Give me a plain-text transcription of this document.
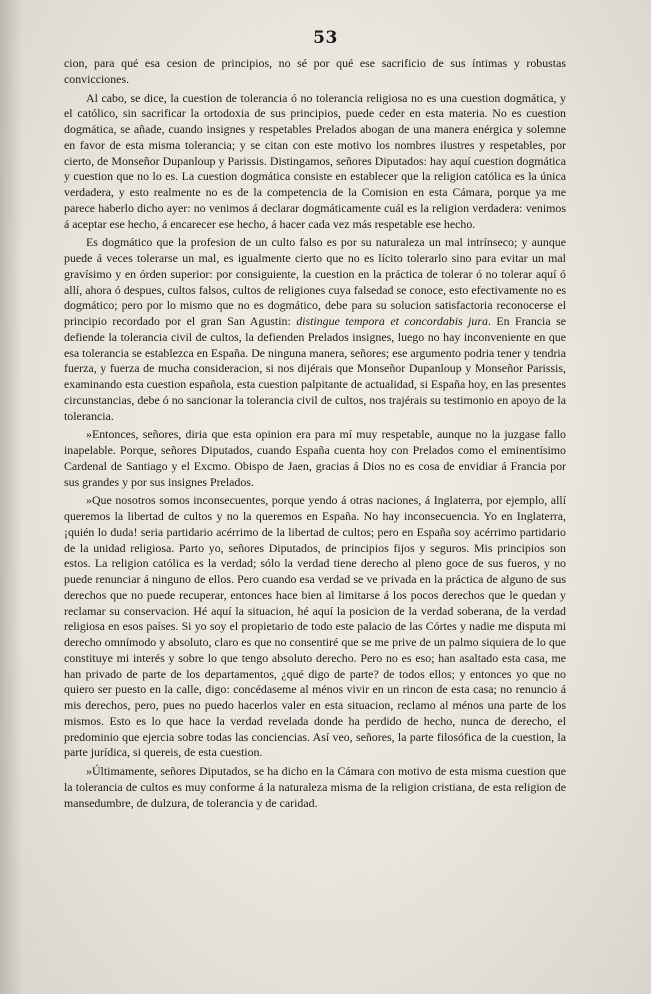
53

cion, para qué esa cesion de principios, no sé por qué ese sacrificio de sus íntimas y robustas convicciones.

Al cabo, se dice, la cuestion de tolerancia ó no tolerancia religiosa no es una cuestion dogmática, y el católico, sin sacrificar la ortodoxia de sus principios, puede ceder en esta materia. No es cuestion dogmática, se añade, cuando insignes y respetables Prelados abogan de una manera enérgica y solemne en favor de esta misma tolerancia; y se citan con este motivo los nombres ilustres y respetables, por cierto, de Monseñor Dupanloup y Parissis. Distingamos, señores Diputados: hay aquí cuestion dogmática y cuestion que no lo es. La cuestion dogmática consiste en establecer que la religion católica es la única verdadera, y esto realmente no es de la competencia de la Comision en esta Cámara, porque ya me parece haberlo dicho ayer: no venimos á declarar dogmáticamente cuál es la religion verdadera: venimos á aceptar ese hecho, á encarecer ese hecho, á hacer cada vez más respetable ese hecho.

Es dogmático que la profesion de un culto falso es por su naturaleza un mal intrínseco; y aunque puede á veces tolerarse un mal, es igualmente cierto que no es lícito tolerarlo sino para evitar un mal gravísimo y en órden superior: por consiguiente, la cuestion en la práctica de tolerar ó no tolerar aquí ó allí, ahora ó despues, cultos falsos, cultos de religiones cuya falsedad se conoce, esto efectivamente no es dogmático; pero por lo mismo que no es dogmático, debe para su solucion satisfactoria reconocerse el principio recordado por el gran San Agustin: distingue tempora et concordabis jura. En Francia se defiende la tolerancia civil de cultos, la defienden Prelados insignes, luego no hay inconveniente en que esa tolerancia se establezca en España. De ninguna manera, señores; ese argumento podria tener y tendria fuerza, y fuerza de mucha consideracion, si nos dijérais que Monseñor Dupanloup y Monseñor Parissis, examinando esta cuestion española, esta cuestion palpitante de actualidad, si España hoy, en las presentes circunstancias, debe ó no sancionar la tolerancia civil de cultos, nos trajérais su testimonio en apoyo de la tolerancia.

»Entonces, señores, diria que esta opinion era para mí muy respetable, aunque no la juzgase fallo inapelable. Porque, señores Diputados, cuando España cuenta hoy con Prelados como el eminentísimo Cardenal de Santiago y el Excmo. Obispo de Jaen, gracias á Dios no es cosa de envidiar á Francia por sus grandes y por sus insignes Prelados.

»Que nosotros somos inconsecuentes, porque yendo á otras naciones, á Inglaterra, por ejemplo, allí queremos la libertad de cultos y no la queremos en España. No hay inconsecuencia. Yo en Inglaterra, ¡quién lo duda! seria partidario acérrimo de la libertad de cultos; pero en España soy acérrimo partidario de la unidad religiosa. Parto yo, señores Diputados, de principios fijos y seguros. Mis principios son estos. La religion católica es la verdad; sólo la verdad tiene derecho al pleno goce de sus fueros, y no puede renunciar á ninguno de ellos. Pero cuando esa verdad se ve privada en la práctica de alguno de sus derechos que no puede recuperar, entonces hace bien al limitarse á los pocos derechos que le quedan y reclamar su conservacion. Hé aquí la situacion, hé aquí la posicion de la verdad soberana, de la verdad religiosa en esos países. Si yo soy el propietario de todo este palacio de las Córtes y nadie me disputa mi derecho omnímodo y absoluto, claro es que no consentiré que se me prive de un palmo siquiera de lo que constituye mi interés y sobre lo que tengo absoluto derecho. Pero no es eso; han asaltado esta casa, me han privado de parte de los departamentos, ¿qué digo de parte? de todos ellos; y entonces yo que no quiero ser puesto en la calle, digo: concédaseme al ménos vivir en un rincon de esta casa; no renuncio á mis derechos, pero, pues no puedo hacerlos valer en esta situacion, reclamo al ménos una parte de los mismos. Esto es lo que hace la verdad revelada donde ha perdido de hecho, nunca de derecho, el predominio que ejercia sobre todas las conciencias. Así veo, señores, la parte filosófica de la cuestion, la parte jurídica, si quereis, de esta cuestion.

»Últimamente, señores Diputados, se ha dicho en la Cámara con motivo de esta misma cuestion que la tolerancia de cultos es muy conforme á la naturaleza misma de la religion cristiana, de esta religion de mansedumbre, de dulzura, de tolerancia y de caridad.
